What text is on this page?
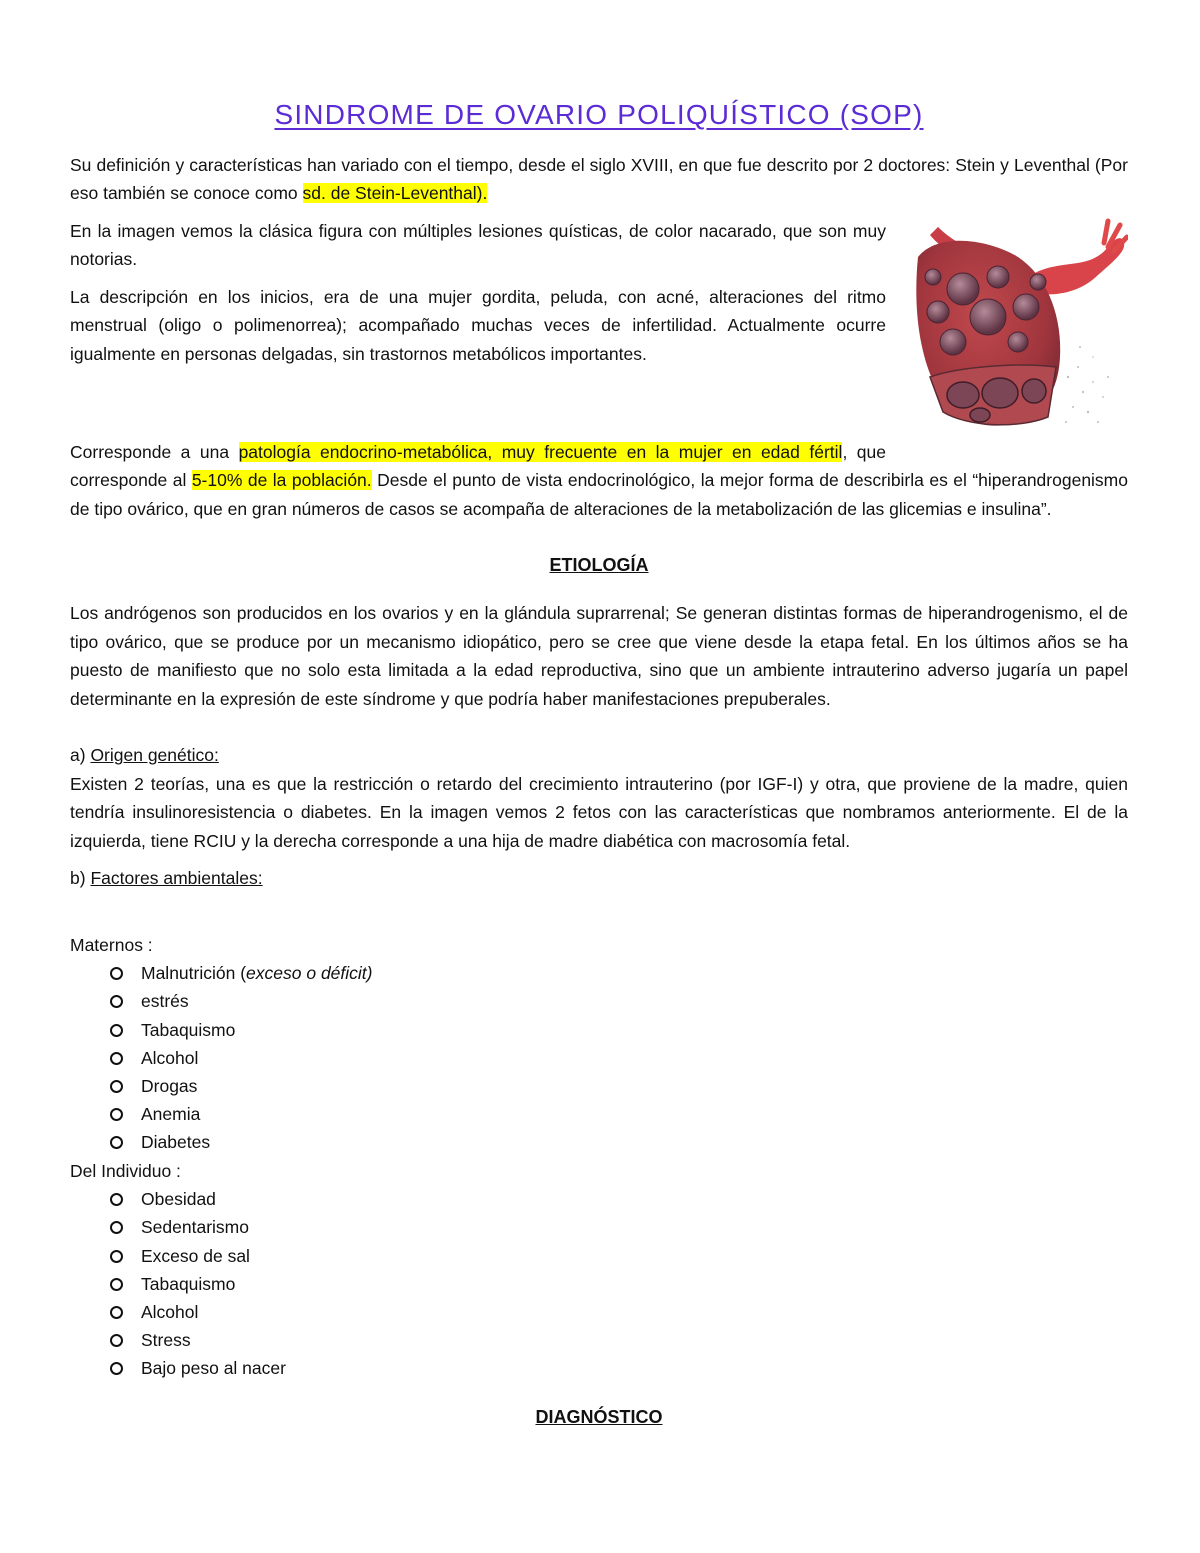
SINDROME DE OVARIO POLIQUÍSTICO (SOP)

Su definición y características han variado con el tiempo, desde el siglo XVIII, en que fue descrito por 2 doctores: Stein y Leventhal (Por eso también se conoce como sd. de Stein-Leventhal).

En la imagen vemos la clásica figura con múltiples lesiones quísticas, de color nacarado, que son muy notorias.

La descripción en los inicios, era de una mujer gordita, peluda, con acné, alteraciones del ritmo menstrual (oligo o polimenorrea); acompañado muchas veces de infertilidad. Actualmente ocurre igualmente en personas delgadas, sin trastornos metabólicos importantes.

Corresponde a una patología endocrino-metabólica, muy frecuente en la mujer en edad fértil, que corresponde al 5-10% de la población. Desde el punto de vista endocrinológico, la mejor forma de describirla es el “hiperandrogenismo de tipo ovárico, que en gran números de casos se acompaña de alteraciones de la metabolización de las glicemias e insulina”.

ETIOLOGÍA

Los andrógenos son producidos en los ovarios y en la glándula suprarrenal; Se generan distintas formas de hiperandrogenismo, el de tipo ovárico, que se produce por un mecanismo idiopático, pero se cree que viene desde la etapa fetal. En los últimos años se ha puesto de manifiesto que no solo esta limitada a la edad reproductiva, sino que un ambiente intrauterino adverso jugaría un papel determinante en la expresión de este síndrome y que podría haber manifestaciones prepuberales.

a) Origen genético:

Existen 2 teorías, una es que la restricción o retardo del crecimiento intrauterino (por IGF-I) y otra, que proviene de la madre, quien tendría insulinoresistencia o diabetes. En la imagen vemos 2 fetos con las características que nombramos anteriormente. El de la izquierda, tiene RCIU y la derecha corresponde a una hija de madre diabética con macrosomía fetal.

b) Factores ambientales:

Maternos :

Malnutrición (exceso o déficit)
estrés
Tabaquismo
Alcohol
Drogas
Anemia
Diabetes

Del Individuo :

Obesidad
Sedentarismo
Exceso de sal
Tabaquismo
Alcohol
Stress
Bajo peso al nacer

DIAGNÓSTICO
